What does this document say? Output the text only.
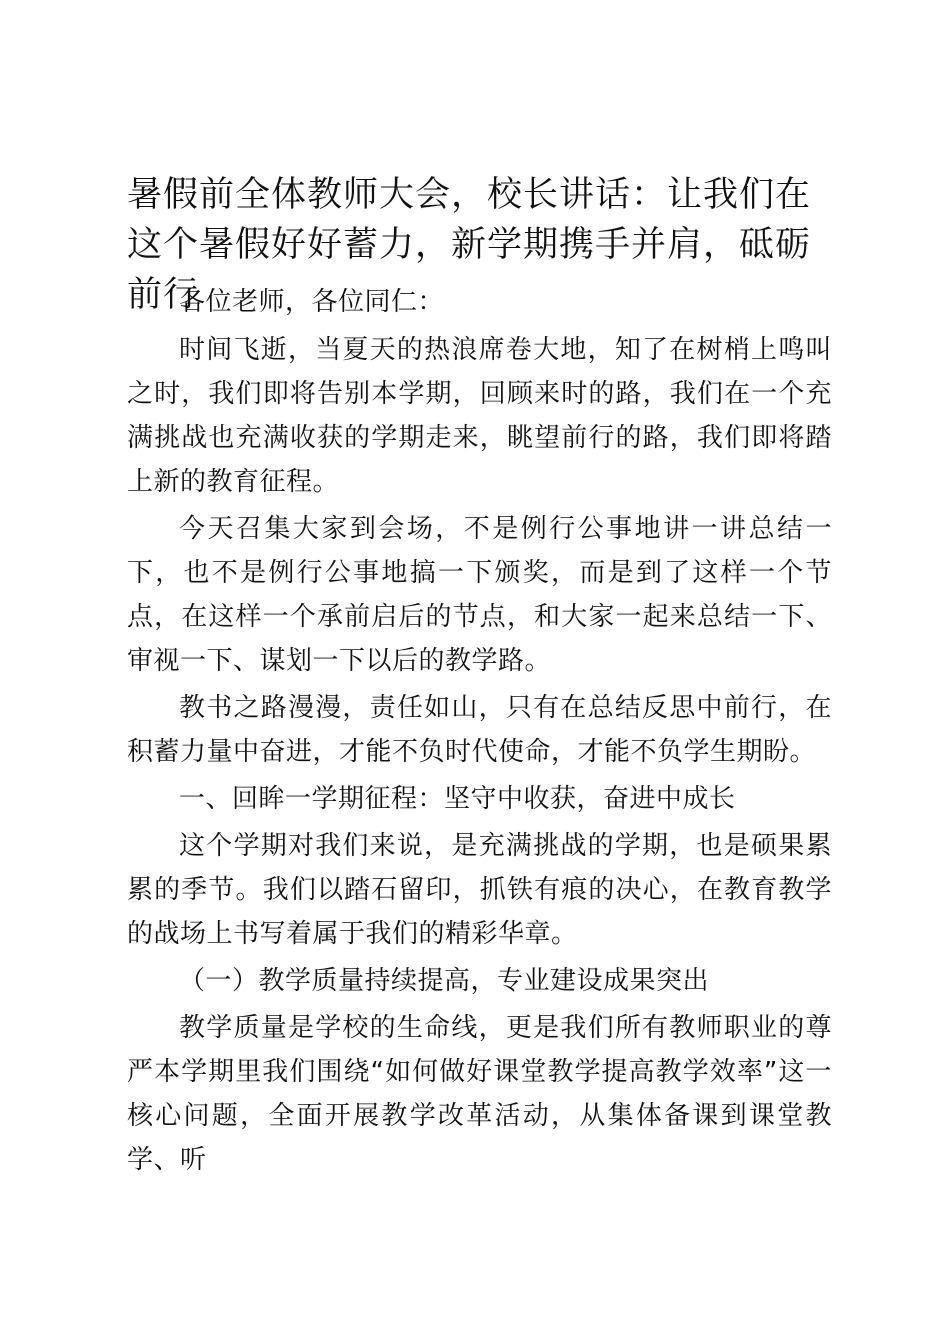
暑假前全体教师大会，校长讲话：让我们在这个暑假好好蓄力，新学期携手并肩，砥砺前行

各位老师，各位同仁：

时间飞逝，当夏天的热浪席卷大地，知了在树梢上鸣叫之时，我们即将告别本学期，回顾来时的路，我们在一个充满挑战也充满收获的学期走来，眺望前行的路，我们即将踏上新的教育征程。

今天召集大家到会场，不是例行公事地讲一讲总结一下，也不是例行公事地搞一下颁奖，而是到了这样一个节点，在这样一个承前启后的节点，和大家一起来总结一下、审视一下、谋划一下以后的教学路。

教书之路漫漫，责任如山，只有在总结反思中前行，在积蓄力量中奋进，才能不负时代使命，才能不负学生期盼。

一、回眸一学期征程：坚守中收获，奋进中成长

这个学期对我们来说，是充满挑战的学期，也是硕果累累的季节。我们以踏石留印，抓铁有痕的决心，在教育教学的战场上书写着属于我们的精彩华章。

（一）教学质量持续提高，专业建设成果突出

教学质量是学校的生命线，更是我们所有教师职业的尊严本学期里我们围绕“如何做好课堂教学提高教学效率”这一核心问题，全面开展教学改革活动，从集体备课到课堂教学、听
